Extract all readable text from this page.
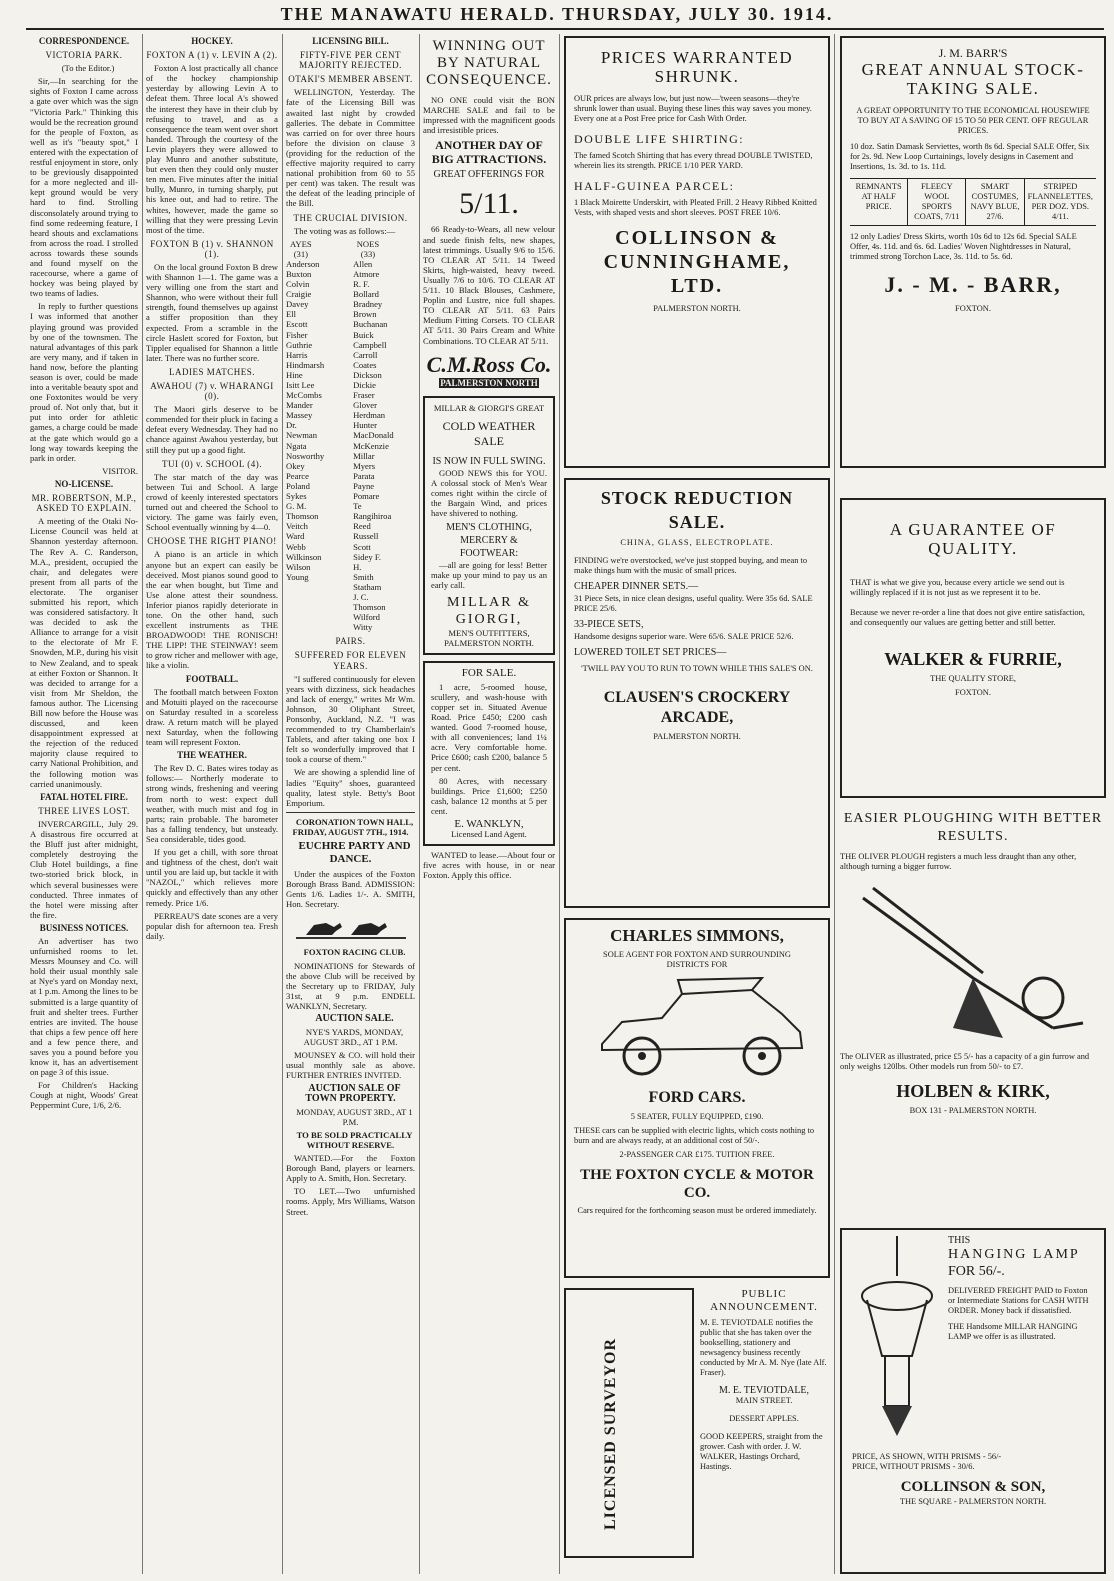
THE MANAWATU HERALD. THURSDAY, JULY 30. 1914.
CORRESPONDENCE.
VICTORIA PARK.

(To the Editor.)

Sir,—In searching for the sights of Foxton I came across a gate over which was the sign "Victoria Park." Thinking this would be the recreation ground for the people of Foxton, as well as it's "beauty spot," I entered with the expectation of restful enjoyment in store, only to be greviously disappointed for a more neglected and ill-kept ground would be very hard to find. Strolling disconsolately around trying to find some redeeming feature, I heard shouts and exclamations from across the road. I strolled across towards these sounds and found myself on the racecourse, where a game of hockey was being played by two teams of ladies.

In reply to further questions I was informed that another playing ground was provided by one of the townsmen. The natural advantages of this park are very many, and if taken in hand now, before the planting season is over, could be made into a veritable beauty spot and one Foxtonites would be very proud of. Not only that, but it put into order for athletic games, a charge could be made at the gate which would go a long way towards keeping the park in order.

VISITOR.

NO-LICENSE.
MR. ROBERTSON, M.P., ASKED TO EXPLAIN.

A meeting of the Otaki No-License Council was held at Shannon yesterday afternoon. The Rev A. C. Randerson, M.A., president, occupied the chair, and delegates were present from all parts of the electorate. The organiser submitted his report, which was considered satisfactory. It was decided to ask the Alliance to arrange for a visit to the electorate of Mr F. Snowden, M.P., during his visit to New Zealand, and to speak at either Foxton or Shannon. It was decided to arrange for a visit from Mr Sheldon, the famous author. The Licensing Bill now before the House was discussed, and keen disappointment expressed at the rejection of the reduced majority clause required to carry National Prohibition, and the following motion was carried unanimously.

FATAL HOTEL FIRE.
THREE LIVES LOST.

INVERCARGILL, July 29. A disastrous fire occurred at the Bluff just after midnight, completely destroying the Club Hotel buildings, a fine two-storied brick block, in which several businesses were conducted. Three inmates of the hotel were missing after the fire.

BUSINESS NOTICES.

An advertiser has two unfurnished rooms to let. Messrs Mounsey and Co. will hold their usual monthly sale at Nye's yard on Monday next, at 1 p.m. Among the lines to be submitted is a large quantity of fruit and shelter trees. Further entries are invited. The house that chips a few pence off here and a few pence there, and saves you a pound before you know it, has an advertisement on page 3 of this issue.

For Children's Hacking Cough at night, Woods' Great Peppermint Cure, 1/6, 2/6.

HOCKEY.
FOXTON A (1) v. LEVIN A (2).

Foxton A lost practically all chance of the hockey championship yesterday by allowing Levin A to defeat them. Three local A's showed the interest they have in their club by refusing to travel, and as a consequence the team went over short handed. Through the courtesy of the Levin players they were allowed to play Munro and another substitute, but even then they could only muster ten men. Five minutes after the initial bully, Munro, in turning sharply, put his knee out, and had to retire. The whites, however, made the game so willing that they were pressing Levin most of the time.

FOXTON B (1) v. SHANNON (1).

On the local ground Foxton B drew with Shannon 1—1. The game was a very willing one from the start and Shannon, who were without their full strength, found themselves up against a stiffer proposition than they expected. From a scramble in the circle Haslett scored for Foxton, but Tippler equalised for Shannon a little later. There was no further score.

LADIES MATCHES.
AWAHOU (7) v. WHARANGI (0).

The Maori girls deserve to be commended for their pluck in facing a defeat every Wednesday. They had no chance against Awahou yesterday, but still they put up a good fight.

TUI (0) v. SCHOOL (4).

The star match of the day was between Tui and School. A large crowd of keenly interested spectators turned out and cheered the School to victory. The game was fairly even, School eventually winning by 4—0.

CHOOSE THE RIGHT PIANO!

A piano is an article in which anyone but an expert can easily be deceived. Most pianos sound good to the ear when bought, but Time and Use alone attest their soundness. Inferior pianos rapidly deteriorate in tone. On the other hand, such excellent instruments as THE BROADWOOD! THE RONISCH! THE LIPP! THE STEINWAY! seem to grow richer and mellower with age, like a violin.

FOOTBALL.

The football match between Foxton and Motuiti played on the racecourse on Saturday resulted in a scoreless draw. A return match will be played next Saturday, when the following team will represent Foxton.

THE WEATHER.

The Rev D. C. Bates wires today as follows:— Northerly moderate to strong winds, freshening and veering from north to west: expect dull weather, with much mist and fog in parts; rain probable. The barometer has a falling tendency, but unsteady. Sea considerable, tides good.

If you get a chill, with sore throat and tightness of the chest, don't wait until you are laid up, but tackle it with "NAZOL," which relieves more quickly and effectively than any other remedy. Price 1/6.

PERREAU'S date scones are a very popular dish for afternoon tea. Fresh daily.

LICENSING BILL.
FIFTY-FIVE PER CENT MAJORITY REJECTED.
OTAKI'S MEMBER ABSENT.

WELLINGTON, Yesterday. The fate of the Licensing Bill was awaited last night by crowded galleries. The debate in Committee was carried on for over three hours before the division on clause 3 (providing for the reduction of the effective majority required to carry national prohibition from 60 to 55 per cent) was taken. The result was the defeat of the leading principle of the Bill.

THE CRUCIAL DIVISION.

The voting was as follows:—

AYES (31)
Anderson Buxton Colvin Craigie Davey Ell Escott Fisher Guthrie Harris Hindmarsh Hine Isitt Lee McCombs Mander Massey Dr. Newman Ngata Nosworthy Okey Pearce Poland Sykes G. M. Thomson Veitch Ward Webb Wilkinson Wilson Young
NOES (33)
Allen Atmore R. F. Bollard Bradney Brown Buchanan Buick Campbell Carroll Coates Dickson Dickie Fraser Glover Herdman Hunter MacDonald McKenzie Millar Myers Parata Payne Pomare Te Rangihiroa Reed Russell Scott Sidey F. H. Smith Statham J. C. Thomson Wilford Witty
PAIRS.
SUFFERED FOR ELEVEN YEARS.

"I suffered continuously for eleven years with dizziness, sick headaches and lack of energy," writes Mr Wm. Johnson, 30 Oliphant Street, Ponsonby, Auckland, N.Z. "I was recommended to try Chamberlain's Tablets, and after taking one box I felt so wonderfully improved that I took a course of them."

We are showing a splendid line of ladies "Equity" shoes, guaranteed quality, latest style. Betty's Boot Emporium.

CORONATION TOWN HALL, FRIDAY, AUGUST 7TH., 1914.

EUCHRE PARTY AND DANCE.

Under the auspices of the Foxton Borough Brass Band. ADMISSION: Gents 1/6. Ladies 1/-. A. SMITH, Hon. Secretary.

FOXTON RACING CLUB.

NOMINATIONS for Stewards of the above Club will be received by the Secretary up to FRIDAY, July 31st, at 9 p.m. ENDELL WANKLYN, Secretary.

AUCTION SALE.

NYE'S YARDS, MONDAY, AUGUST 3RD., AT 1 P.M.

MOUNSEY & CO. will hold their usual monthly sale as above. FURTHER ENTRIES INVITED.

AUCTION SALE OF TOWN PROPERTY.

MONDAY, AUGUST 3RD., AT 1 P.M.

TO BE SOLD PRACTICALLY WITHOUT RESERVE.

WANTED.—For the Foxton Borough Band, players or learners. Apply to A. Smith, Hon. Secretary.

TO LET.—Two unfurnished rooms. Apply, Mrs Williams, Watson Street.

WINNING OUT BY NATURAL CONSEQUENCE.

NO ONE could visit the BON MARCHE SALE and fail to be impressed with the magnificent goods and irresistible prices.

ANOTHER DAY OF BIG ATTRACTIONS.
GREAT OFFERINGS FOR
5/11.

66 Ready-to-Wears, all new velour and suede finish felts, new shapes, latest trimmings. Usually 9/6 to 15/6. TO CLEAR AT 5/11. 14 Tweed Skirts, high-waisted, heavy tweed. Usually 7/6 to 10/6. TO CLEAR AT 5/11. 10 Black Blouses, Cashmere, Poplin and Lustre, nice full shapes. TO CLEAR AT 5/11. 63 Pairs Medium Fitting Corsets. TO CLEAR AT 5/11. 30 Pairs Cream and White Combinations. TO CLEAR AT 5/11.

C.M.Ross Co.
PALMERSTON NORTH
MILLAR & GIORGI'S GREAT
COLD WEATHER SALE
IS NOW IN FULL SWING.

GOOD NEWS this for YOU. A colossal stock of Men's Wear comes right within the circle of the Bargain Wind, and prices have shivered to nothing.

MEN'S CLOTHING, MERCERY & FOOTWEAR:

—all are going for less! Better make up your mind to pay us an early call.

MILLAR & GIORGI,
MEN'S OUTFITTERS, PALMERSTON NORTH.
FOR SALE.

1 acre, 5-roomed house, scullery, and wash-house with copper set in. Situated Avenue Road. Price £450; £200 cash wanted. Good 7-roomed house, with all conveniences; land 1¼ acre. Very comfortable home. Price £600; cash £200, balance 5 per cent.

80 Acres, with necessary buildings. Price £1,600; £250 cash, balance 12 months at 5 per cent.

E. WANKLYN,
Licensed Land Agent.

WANTED to lease.—About four or five acres with house, in or near Foxton. Apply this office.

PRICES WARRANTED SHRUNK.

OUR prices are always low, but just now—'tween seasons—they're shrunk lower than usual. Buying these lines this way saves you money. Every one at a Post Free price for Cash With Order.

DOUBLE LIFE SHIRTING:

The famed Scotch Shirting that has every thread DOUBLE TWISTED, wherein lies its strength. PRICE 1/10 PER YARD.

HALF-GUINEA PARCEL:

1 Black Moirette Underskirt, with Pleated Frill. 2 Heavy Ribbed Knitted Vests, with shaped vests and short sleeves. POST FREE 10/6.

COLLINSON & CUNNINGHAME, LTD.
PALMERSTON NORTH.
STOCK REDUCTION SALE.
CHINA, GLASS, ELECTROPLATE.

FINDING we're overstocked, we've just stopped buying, and mean to make things hum with the music of small prices.

CHEAPER DINNER SETS.—

31 Piece Sets, in nice clean designs, useful quality. Were 35s 6d. SALE PRICE 25/6.

33-PIECE SETS,

Handsome designs superior ware. Were 65/6. SALE PRICE 52/6.

LOWERED TOILET SET PRICES—

'TWILL PAY YOU TO RUN TO TOWN WHILE THIS SALE'S ON.

CLAUSEN'S CROCKERY ARCADE,
PALMERSTON NORTH.
CHARLES SIMMONS,
SOLE AGENT FOR FOXTON AND SURROUNDING DISTRICTS FOR
FORD CARS.
5 SEATER, FULLY EQUIPPED, £190.

THESE cars can be supplied with electric lights, which costs nothing to burn and are always ready, at an additional cost of 50/-.

2-PASSENGER CAR £175. TUITION FREE.
THE FOXTON CYCLE & MOTOR CO.
Cars required for the forthcoming season must be ordered immediately.
LICENSED SURVEYOR
PUBLIC ANNOUNCEMENT.

M. E. TEVIOTDALE notifies the public that she has taken over the bookselling, stationery and newsagency business recently conducted by Mr A. M. Nye (late Alf. Fraser).

M. E. TEVIOTDALE,
MAIN STREET.
DESSERT APPLES.

GOOD KEEPERS, straight from the grower. Cash with order. J. W. WALKER, Hastings Orchard, Hastings.

J. M. BARR'S
GREAT ANNUAL STOCK-TAKING SALE.
A GREAT OPPORTUNITY TO THE ECONOMICAL HOUSEWIFE TO BUY AT A SAVING OF 15 TO 50 PER CENT. OFF REGULAR PRICES.

10 doz. Satin Damask Serviettes, worth 8s 6d. Special SALE Offer, Six for 2s. 9d. New Loop Curtainings, lovely designs in Casement and Insertions, 1s. 3d. to 1s. 11d.

REMNANTS AT HALF PRICE.
FLEECY WOOL SPORTS COATS, 7/11
SMART COSTUMES, NAVY BLUE, 27/6.
STRIPED FLANNELETTES, PER DOZ. YDS. 4/11.

12 only Ladies' Dress Skirts, worth 10s 6d to 12s 6d. Special SALE Offer, 4s. 11d. and 6s. 6d. Ladies' Woven Nightdresses in Natural, trimmed strong Torchon Lace, 3s. 11d. to 5s. 6d.

J. - M. - BARR,
FOXTON.
A GUARANTEE OF QUALITY.

THAT is what we give you, because every article we send out is willingly replaced if it is not just as we represent it to be.

Because we never re-order a line that does not give entire satisfaction, and consequently our values are getting better and still better.

WALKER & FURRIE,
THE QUALITY STORE,
FOXTON.
EASIER PLOUGHING WITH BETTER RESULTS.

THE OLIVER PLOUGH registers a much less draught than any other, although turning a bigger furrow.

The OLIVER as illustrated, price £5 5/- has a capacity of a gin furrow and only weighs 120lbs. Other models run from 50/- to £7.

HOLBEN & KIRK,
BOX 131 - PALMERSTON NORTH.
THIS
HANGING LAMP
FOR 56/-.

DELIVERED FREIGHT PAID to Foxton or Intermediate Stations for CASH WITH ORDER. Money back if dissatisfied.

THE Handsome MILLAR HANGING LAMP we offer is as illustrated.

PRICE, AS SHOWN, WITH PRISMS - 56/-
PRICE, WITHOUT PRISMS - 30/6.
COLLINSON & SON,
THE SQUARE - PALMERSTON NORTH.
